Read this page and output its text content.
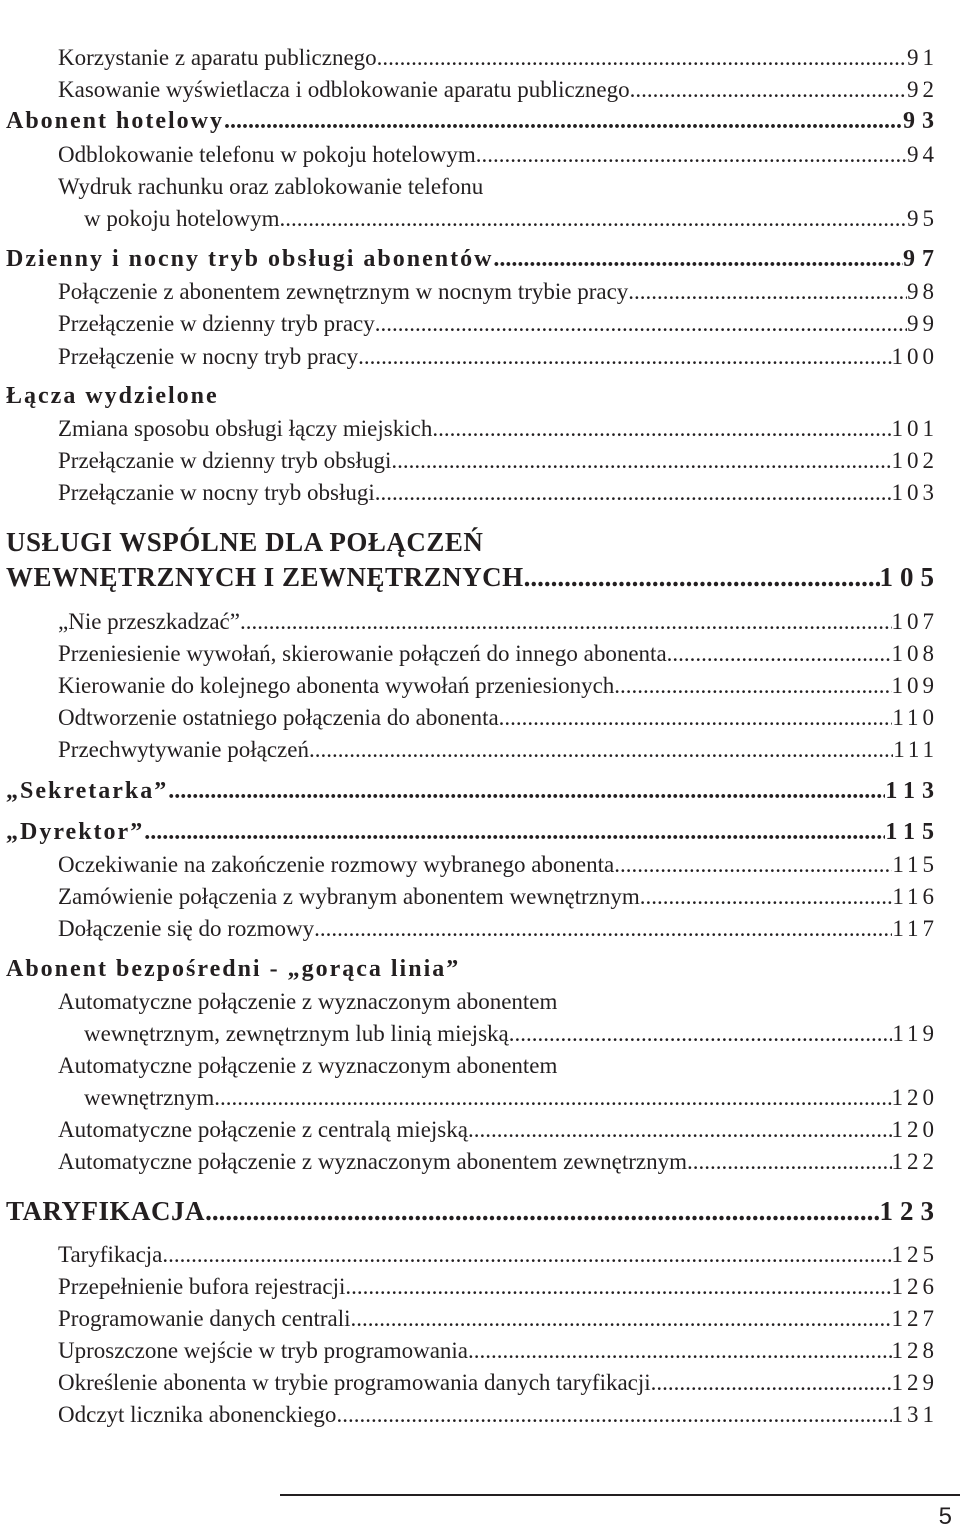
Korzystanie z aparatu publicznego .....	91
Kasowanie wyświetlacza i odblokowanie aparatu publicznego .....	92
Abonent hotelowy .....	93
Odblokowanie telefonu w pokoju hotelowym .....	94
Wydruk rachunku oraz zablokowanie telefonu
w pokoju hotelowym .....	95
Dzienny i nocny tryb obsługi abonentów .....	97
Połączenie z abonentem zewnętrznym w nocnym trybie pracy .....	98
Przełączenie w dzienny tryb pracy .....	99
Przełączenie w nocny tryb pracy .....	100
Łącza wydzielone
Zmiana sposobu obsługi łączy miejskich .....	101
Przełączanie w dzienny tryb obsługi .....	102
Przełączanie w nocny tryb obsługi .....	103
USŁUGI WSPÓLNE DLA POŁĄCZEŃ
WEWNĘTRZNYCH I ZEWNĘTRZNYCH .....	105
„Nie przeszkadzać” .....	107
Przeniesienie wywołań, skierowanie połączeń do innego abonenta .....	108
Kierowanie do kolejnego abonenta wywołań przeniesionych .....	109
Odtworzenie ostatniego połączenia do abonenta .....	110
Przechwytywanie połączeń .....	111
„Sekretarka” .....	113
„Dyrektor” .....	115
Oczekiwanie na zakończenie rozmowy wybranego abonenta .....	115
Zamówienie połączenia z wybranym abonentem wewnętrznym .....	116
Dołączenie się do rozmowy .....	117
Abonent bezpośredni - „gorąca linia”
Automatyczne połączenie z wyznaczonym abonentem
wewnętrznym, zewnętrznym lub linią miejską .....	119
Automatyczne połączenie z wyznaczonym abonentem
wewnętrznym .....	120
Automatyczne połączenie z centralą miejską .....	120
Automatyczne połączenie z wyznaczonym abonentem zewnętrznym .....	122
TARYFIKACJA .....	123
Taryfikacja .....	125
Przepełnienie bufora rejestracji .....	126
Programowanie danych centrali .....	127
Uproszczone wejście w tryb programowania .....	128
Określenie abonenta w trybie programowania danych taryfikacji .....	129
Odczyt licznika abonenckiego .....	131
5
